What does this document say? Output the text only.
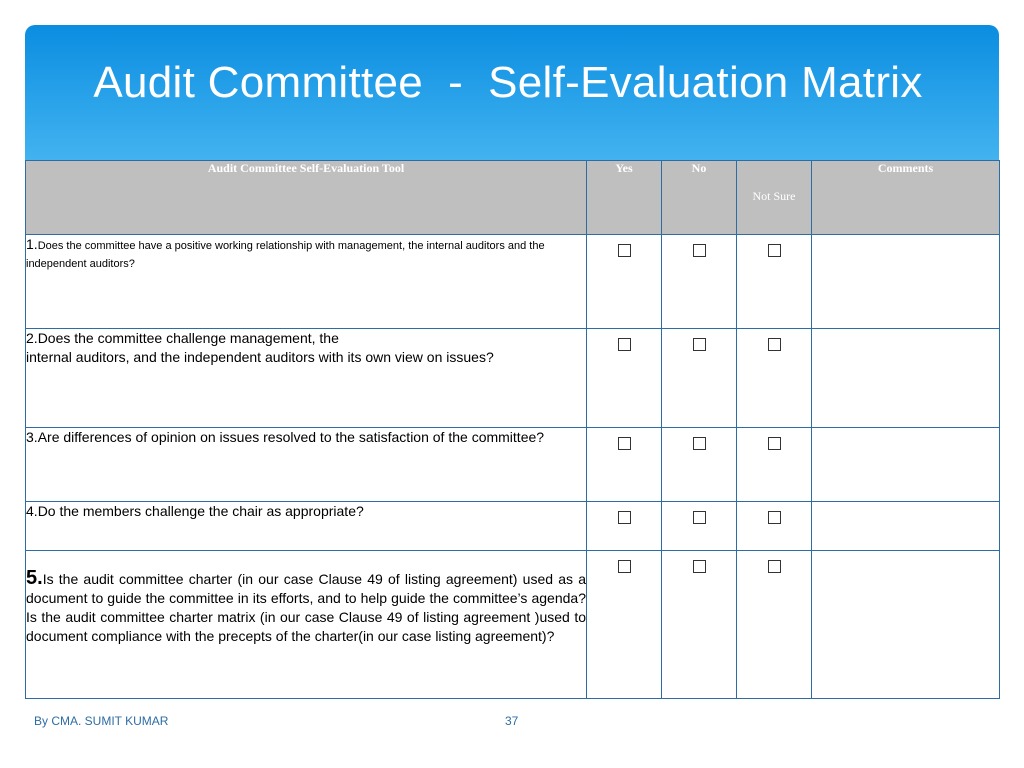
Audit Committee  -  Self-Evaluation Matrix
Audit Committee Self-Evaluation Tool	Yes	No	Not Sure	Comments
1.Does the committee have a positive working relationship with management, the internal auditors and the independent auditors?				
2.Does the committee challenge management, the
internal auditors, and the independent auditors with its own view on issues?				
3.Are differences of opinion on issues resolved to the satisfaction of the committee?				
4.Do the members challenge the chair as appropriate?				
5.Is the audit committee charter (in our case Clause 49 of listing agreement) used as a document to guide the committee in its efforts, and to help guide the committee’s agenda? Is the audit committee charter matrix (in our case Clause 49 of listing agreement )used to document compliance with the precepts of the charter(in our case listing agreement)?				
By CMA. SUMIT KUMAR	37
